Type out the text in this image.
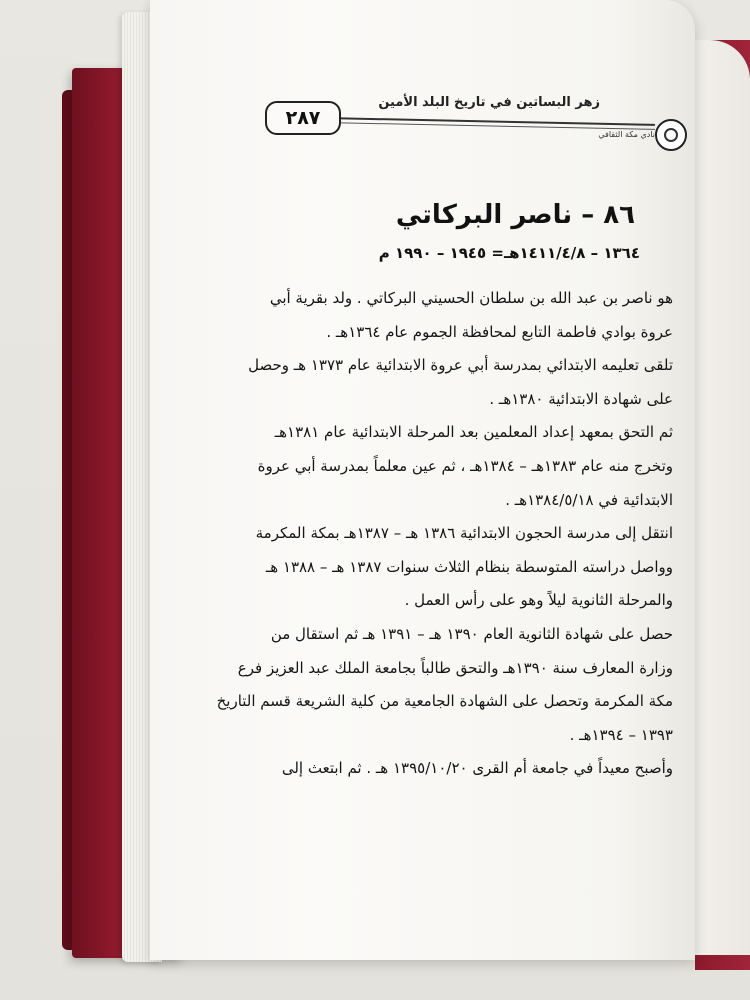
زهر البساتين في تاريخ البلد الأمين
٢٨٧
نادي مكة الثقافي
٨٦ – ناصر البركاتي
١٣٦٤ – ١٤١١/٤/٨هـ= ١٩٤٥ – ١٩٩٠ م
هو ناصر بن عبد الله بن سلطان الحسيني البركاتي . ولد بقرية أبي
عروة بوادي فاطمة التابع لمحافظة الجموم عام ١٣٦٤هـ .
تلقى تعليمه الابتدائي بمدرسة أبي عروة الابتدائية عام ١٣٧٣ هـ وحصل
على شهادة الابتدائية ١٣٨٠هـ .
ثم التحق بمعهد إعداد المعلمين بعد المرحلة الابتدائية عام ١٣٨١هـ
وتخرج منه عام ١٣٨٣هـ – ١٣٨٤هـ ، ثم عين معلماً بمدرسة أبي عروة
الابتدائية في ١٣٨٤/٥/١٨هـ .
انتقل إلى مدرسة الحجون الابتدائية ١٣٨٦ هـ – ١٣٨٧هـ بمكة المكرمة
وواصل دراسته المتوسطة بنظام الثلاث سنوات ١٣٨٧ هـ – ١٣٨٨ هـ
والمرحلة الثانوية ليلاً وهو على رأس العمل .
حصل على شهادة الثانوية العام ١٣٩٠ هـ – ١٣٩١ هـ ثم استقال من
وزارة المعارف سنة ١٣٩٠هـ والتحق طالباً بجامعة الملك عبد العزيز فرع
مكة المكرمة وتحصل على الشهادة الجامعية من كلية الشريعة قسم التاريخ
١٣٩٣ – ١٣٩٤هـ .
وأصبح معيداً في جامعة أم القرى ١٣٩٥/١٠/٢٠ هـ . ثم ابتعث إلى
